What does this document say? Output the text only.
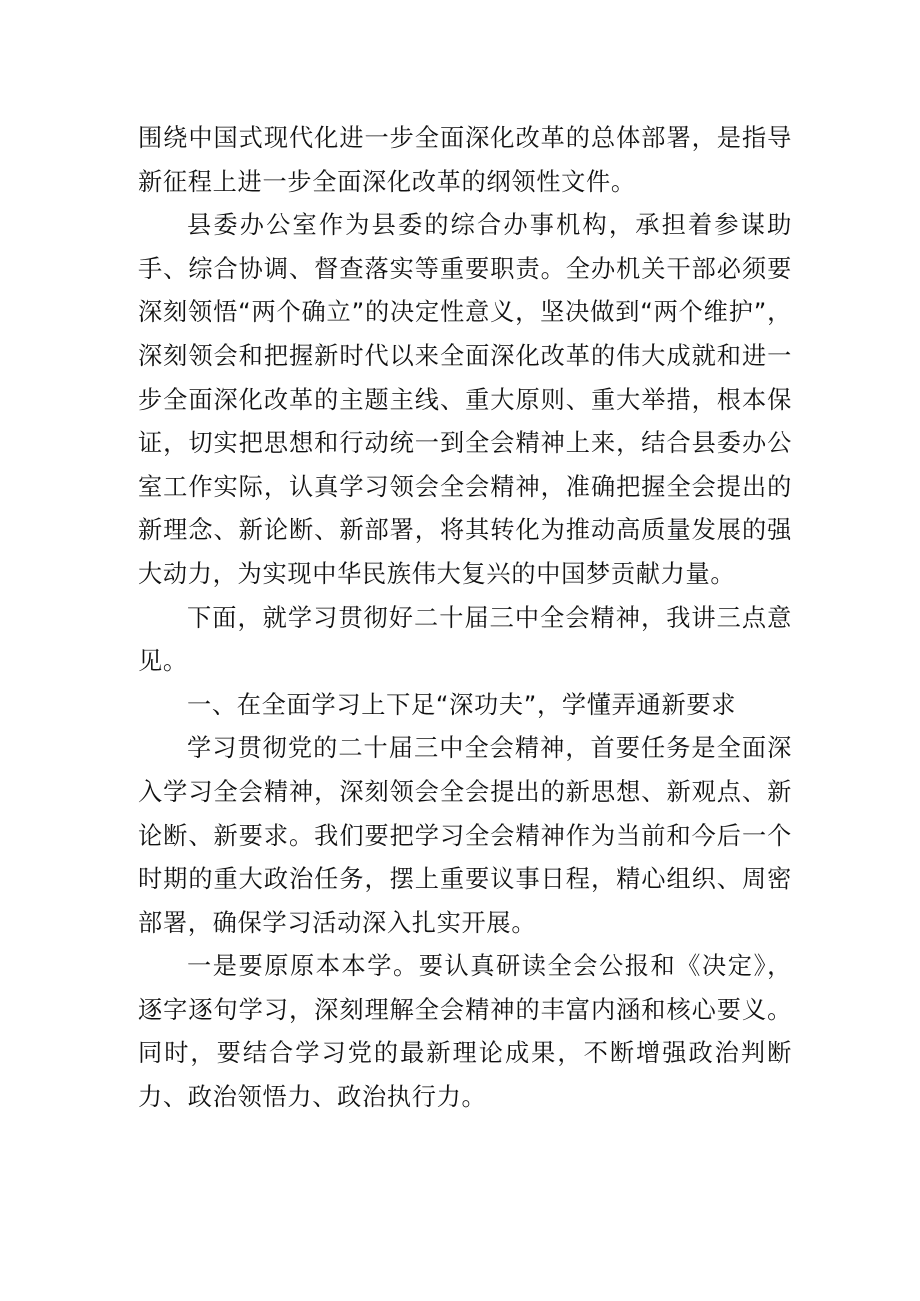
围绕中国式现代化进一步全面深化改革的总体部署，是指导新征程上进一步全面深化改革的纲领性文件。

县委办公室作为县委的综合办事机构，承担着参谋助手、综合协调、督查落实等重要职责。全办机关干部必须要深刻领悟“两个确立”的决定性意义，坚决做到“两个维护”，深刻领会和把握新时代以来全面深化改革的伟大成就和进一步全面深化改革的主题主线、重大原则、重大举措，根本保证，切实把思想和行动统一到全会精神上来，结合县委办公室工作实际，认真学习领会全会精神，准确把握全会提出的新理念、新论断、新部署，将其转化为推动高质量发展的强大动力，为实现中华民族伟大复兴的中国梦贡献力量。

下面，就学习贯彻好二十届三中全会精神，我讲三点意见。

一、在全面学习上下足“深功夫”，学懂弄通新要求

学习贯彻党的二十届三中全会精神，首要任务是全面深入学习全会精神，深刻领会全会提出的新思想、新观点、新论断、新要求。我们要把学习全会精神作为当前和今后一个时期的重大政治任务，摆上重要议事日程，精心组织、周密部署，确保学习活动深入扎实开展。

一是要原原本本学。要认真研读全会公报和《决定》，逐字逐句学习，深刻理解全会精神的丰富内涵和核心要义。同时，要结合学习党的最新理论成果，不断增强政治判断力、政治领悟力、政治执行力。
